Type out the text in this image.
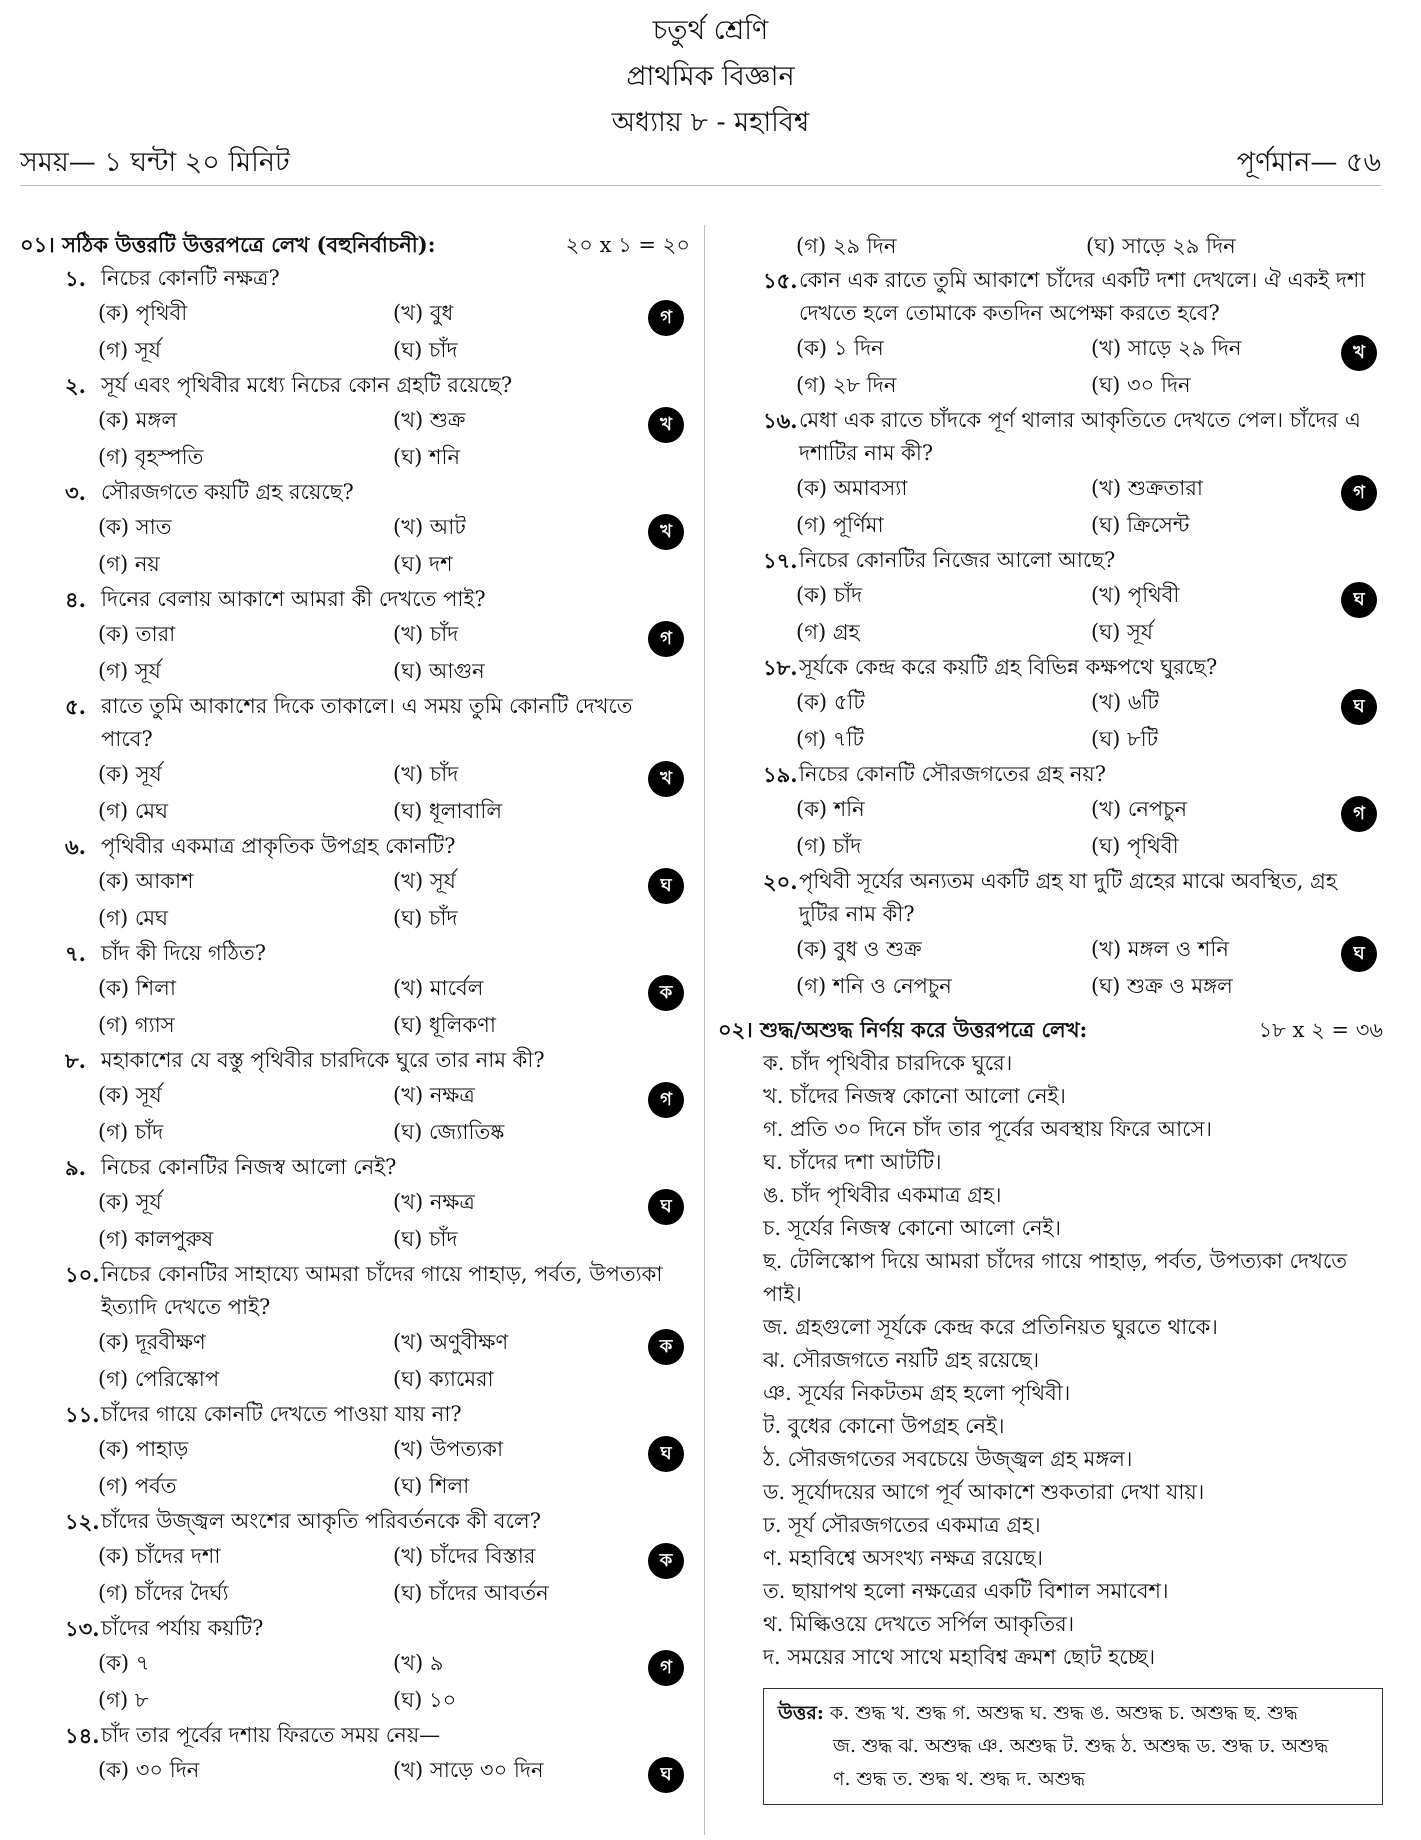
চতুর্থ শ্রেণি
প্রাথমিক বিজ্ঞান
অধ্যায় ৮ - মহাবিশ্ব
সময়— ১ ঘন্টা ২০ মিনিট	পূর্ণমান— ৫৬
০১। সঠিক উত্তরটি উত্তরপত্রে লেখ (বহুনির্বাচনী):	২০ x ১ = ২০
১. নিচের কোনটি নক্ষত্র?
(ক) পৃথিবী	(খ) বুধ
(গ) সূর্য	(ঘ) চাঁদ
গ
২. সূর্য এবং পৃথিবীর মধ্যে নিচের কোন গ্রহটি রয়েছে?
(ক) মঙ্গল	(খ) শুক্র
(গ) বৃহস্পতি	(ঘ) শনি
খ
৩. সৌরজগতে কয়টি গ্রহ রয়েছে?
(ক) সাত	(খ) আট
(গ) নয়	(ঘ) দশ
খ
৪. দিনের বেলায় আকাশে আমরা কী দেখতে পাই?
(ক) তারা	(খ) চাঁদ
(গ) সূর্য	(ঘ) আগুন
গ
৫. রাতে তুমি আকাশের দিকে তাকালে। এ সময় তুমি কোনটি দেখতে পাবে?
(ক) সূর্য	(খ) চাঁদ
(গ) মেঘ	(ঘ) ধূলাবালি
খ
৬. পৃথিবীর একমাত্র প্রাকৃতিক উপগ্রহ কোনটি?
(ক) আকাশ	(খ) সূর্য
(গ) মেঘ	(ঘ) চাঁদ
ঘ
৭. চাঁদ কী দিয়ে গঠিত?
(ক) শিলা	(খ) মার্বেল
(গ) গ্যাস	(ঘ) ধূলিকণা
ক
৮. মহাকাশের যে বস্তু পৃথিবীর চারদিকে ঘুরে তার নাম কী?
(ক) সূর্য	(খ) নক্ষত্র
(গ) চাঁদ	(ঘ) জ্যোতিষ্ক
গ
৯. নিচের কোনটির নিজস্ব আলো নেই?
(ক) সূর্য	(খ) নক্ষত্র
(গ) কালপুরুষ	(ঘ) চাঁদ
ঘ
১০. নিচের কোনটির সাহায্যে আমরা চাঁদের গায়ে পাহাড়, পর্বত, উপত্যকা ইত্যাদি দেখতে পাই?
(ক) দূরবীক্ষণ	(খ) অণুবীক্ষণ
(গ) পেরিস্কোপ	(ঘ) ক্যামেরা
ক
১১. চাঁদের গায়ে কোনটি দেখতে পাওয়া যায় না?
(ক) পাহাড়	(খ) উপত্যকা
(গ) পর্বত	(ঘ) শিলা
ঘ
১২. চাঁদের উজ্জ্বল অংশের আকৃতি পরিবর্তনকে কী বলে?
(ক) চাঁদের দশা	(খ) চাঁদের বিস্তার
(গ) চাঁদের দৈর্ঘ্য	(ঘ) চাঁদের আবর্তন
ক
১৩. চাঁদের পর্যায় কয়টি?
(ক) ৭	(খ) ৯
(গ) ৮	(ঘ) ১০
গ
১৪. চাঁদ তার পূর্বের দশায় ফিরতে সময় নেয়—
(ক) ৩০ দিন	(খ) সাড়ে ৩০ দিন	ঘ
(গ) ২৯ দিন	(ঘ) সাড়ে ২৯ দিন
১৫. কোন এক রাতে তুমি আকাশে চাঁদের একটি দশা দেখলে। ঐ একই দশা দেখতে হলে তোমাকে কতদিন অপেক্ষা করতে হবে?
(ক) ১ দিন	(খ) সাড়ে ২৯ দিন
(গ) ২৮ দিন	(ঘ) ৩০ দিন
খ
১৬. মেধা এক রাতে চাঁদকে পূর্ণ থালার আকৃতিতে দেখতে পেল। চাঁদের এ দশাটির নাম কী?
(ক) অমাবস্যা	(খ) শুক্রতারা
(গ) পূর্ণিমা	(ঘ) ক্রিসেন্ট
গ
১৭. নিচের কোনটির নিজের আলো আছে?
(ক) চাঁদ	(খ) পৃথিবী
(গ) গ্রহ	(ঘ) সূর্য
ঘ
১৮. সূর্যকে কেন্দ্র করে কয়টি গ্রহ বিভিন্ন কক্ষপথে ঘুরছে?
(ক) ৫টি	(খ) ৬টি
(গ) ৭টি	(ঘ) ৮টি
ঘ
১৯. নিচের কোনটি সৌরজগতের গ্রহ নয়?
(ক) শনি	(খ) নেপচুন
(গ) চাঁদ	(ঘ) পৃথিবী
গ
২০. পৃথিবী সূর্যের অন্যতম একটি গ্রহ যা দুটি গ্রহের মাঝে অবস্থিত, গ্রহ দুটির নাম কী?
(ক) বুধ ও শুক্র	(খ) মঙ্গল ও শনি
(গ) শনি ও নেপচুন	(ঘ) শুক্র ও মঙ্গল
ঘ
০২। শুদ্ধ/অশুদ্ধ নির্ণয় করে উত্তরপত্রে লেখ:	১৮ x ২ = ৩৬
ক. চাঁদ পৃথিবীর চারদিকে ঘুরে।
খ. চাঁদের নিজস্ব কোনো আলো নেই।
গ. প্রতি ৩০ দিনে চাঁদ তার পূর্বের অবস্থায় ফিরে আসে।
ঘ. চাঁদের দশা আটটি।
ঙ. চাঁদ পৃথিবীর একমাত্র গ্রহ।
চ. সূর্যের নিজস্ব কোনো আলো নেই।
ছ. টেলিস্কোপ দিয়ে আমরা চাঁদের গায়ে পাহাড়, পর্বত, উপত্যকা দেখতে পাই।
জ. গ্রহগুলো সূর্যকে কেন্দ্র করে প্রতিনিয়ত ঘুরতে থাকে।
ঝ. সৌরজগতে নয়টি গ্রহ রয়েছে।
ঞ. সূর্যের নিকটতম গ্রহ হলো পৃথিবী।
ট. বুধের কোনো উপগ্রহ নেই।
ঠ. সৌরজগতের সবচেয়ে উজ্জ্বল গ্রহ মঙ্গল।
ড. সূর্যোদয়ের আগে পূর্ব আকাশে শুকতারা দেখা যায়।
ঢ. সূর্য সৌরজগতের একমাত্র গ্রহ।
ণ. মহাবিশ্বে অসংখ্য নক্ষত্র রয়েছে।
ত. ছায়াপথ হলো নক্ষত্রের একটি বিশাল সমাবেশ।
থ. মিল্কিওয়ে দেখতে সর্পিল আকৃতির।
দ. সময়ের সাথে সাথে মহাবিশ্ব ক্রমশ ছোট হচ্ছে।
উত্তর: ক. শুদ্ধ খ. শুদ্ধ গ. অশুদ্ধ ঘ. শুদ্ধ ঙ. অশুদ্ধ চ. অশুদ্ধ ছ. শুদ্ধ
জ. শুদ্ধ ঝ. অশুদ্ধ ঞ. অশুদ্ধ ট. শুদ্ধ ঠ. অশুদ্ধ ড. শুদ্ধ ঢ. অশুদ্ধ
ণ. শুদ্ধ ত. শুদ্ধ থ. শুদ্ধ দ. অশুদ্ধ
